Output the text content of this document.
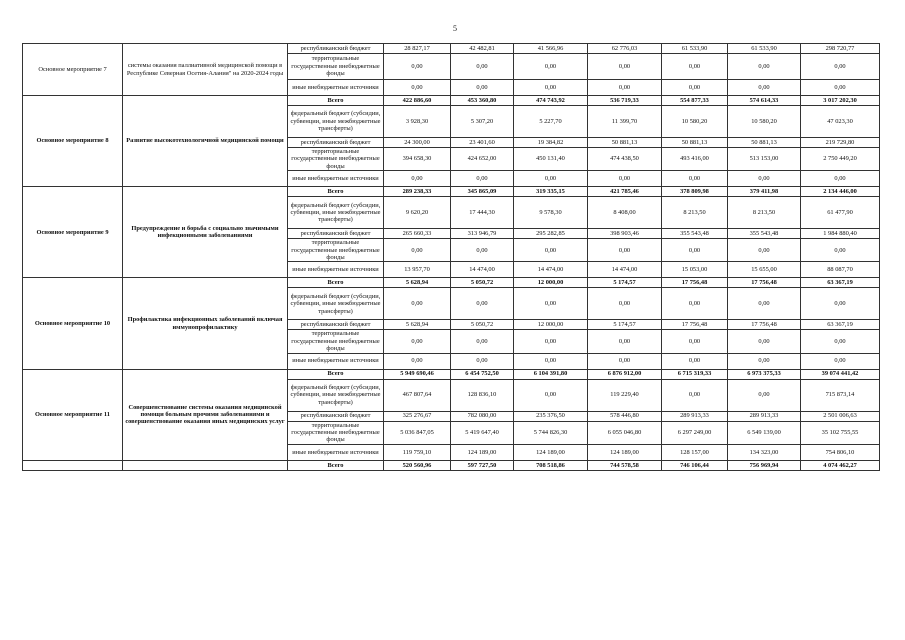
5
Основное мероприятие 7	системы оказания паллиативной медицинской помощи в Республике Северная Осетия-Алания" на 2020-2024 годы	республиканский бюджет	28 827,17	42 482,81	41 566,96	62 776,03	61 533,90	61 533,90	298 720,77
		территориальные государственные внебюджетные фонды	0,00	0,00	0,00	0,00	0,00	0,00	0,00
		иные внебюджетные источники	0,00	0,00	0,00	0,00	0,00	0,00	0,00
Основное мероприятие 8	Развитие высокотехнологичной медицинской помощи	Всего	422 886,60	453 360,80	474 743,92	536 719,33	554 877,33	574 614,33	3 017 202,30
		федеральный бюджет (субсидии, субвенции, иные межбюджетные трансферты)	3 928,30	5 307,20	5 227,70	11 399,70	10 580,20	10 580,20	47 023,30
		республиканский бюджет	24 300,00	23 401,60	19 384,82	50 881,13	50 881,13	50 881,13	219 729,80
		территориальные государственные внебюджетные фонды	394 658,30	424 652,00	450 131,40	474 438,50	493 416,00	513 153,00	2 750 449,20
		иные внебюджетные источники	0,00	0,00	0,00	0,00	0,00	0,00	0,00
Основное мероприятие 9	Предупреждение и борьба с социально значимыми инфекционными заболеваниями	Всего	289 238,33	345 865,09	319 335,15	421 785,46	378 809,98	379 411,98	2 134 446,00
		федеральный бюджет (субсидии, субвенции, иные межбюджетные трансферты)	9 620,20	17 444,30	9 578,30	8 408,00	8 213,50	8 213,50	61 477,90
		республиканский бюджет	265 660,33	313 946,79	295 282,85	398 903,46	355 543,48	355 543,48	1 984 880,40
		территориальные государственные внебюджетные фонды	0,00	0,00	0,00	0,00	0,00	0,00	0,00
		иные внебюджетные источники	13 957,70	14 474,00	14 474,00	14 474,00	15 053,00	15 655,00	88 087,70
Основное мероприятие 10	Профилактика инфекционных заболеваний включая иммунопрофилактику	Всего	5 628,94	5 050,72	12 000,00	5 174,57	17 756,48	17 756,48	63 367,19
		федеральный бюджет (субсидии, субвенции, иные межбюджетные трансферты)	0,00	0,00	0,00	0,00	0,00	0,00	0,00
		республиканский бюджет	5 628,94	5 050,72	12 000,00	5 174,57	17 756,48	17 756,48	63 367,19
		территориальные государственные внебюджетные фонды	0,00	0,00	0,00	0,00	0,00	0,00	0,00
		иные внебюджетные источники	0,00	0,00	0,00	0,00	0,00	0,00	0,00
Основное мероприятие 11	Совершенствование системы оказания медицинской помощи больным прочими заболеваниями и совершенствование оказания иных медицинских услуг	Всего	5 949 690,46	6 454 752,50	6 104 391,80	6 876 912,00	6 715 319,33	6 973 375,33	39 074 441,42
		федеральный бюджет (субсидии, субвенции, иные межбюджетные трансферты)	467 807,64	128 836,10	0,00	119 229,40	0,00	0,00	715 873,14
		республиканский бюджет	325 276,67	782 080,00	235 376,50	578 446,80	289 913,33	289 913,33	2 501 006,63
		территориальные государственные внебюджетные фонды	5 036 847,05	5 419 647,40	5 744 826,30	6 055 046,80	6 297 249,00	6 549 139,00	35 102 755,55
		иные внебюджетные источники	119 759,10	124 189,00	124 189,00	124 189,00	128 157,00	134 323,00	754 806,10
		Всего	520 560,96	597 727,50	708 518,86	744 578,58	746 106,44	756 969,94	4 074 462,27
